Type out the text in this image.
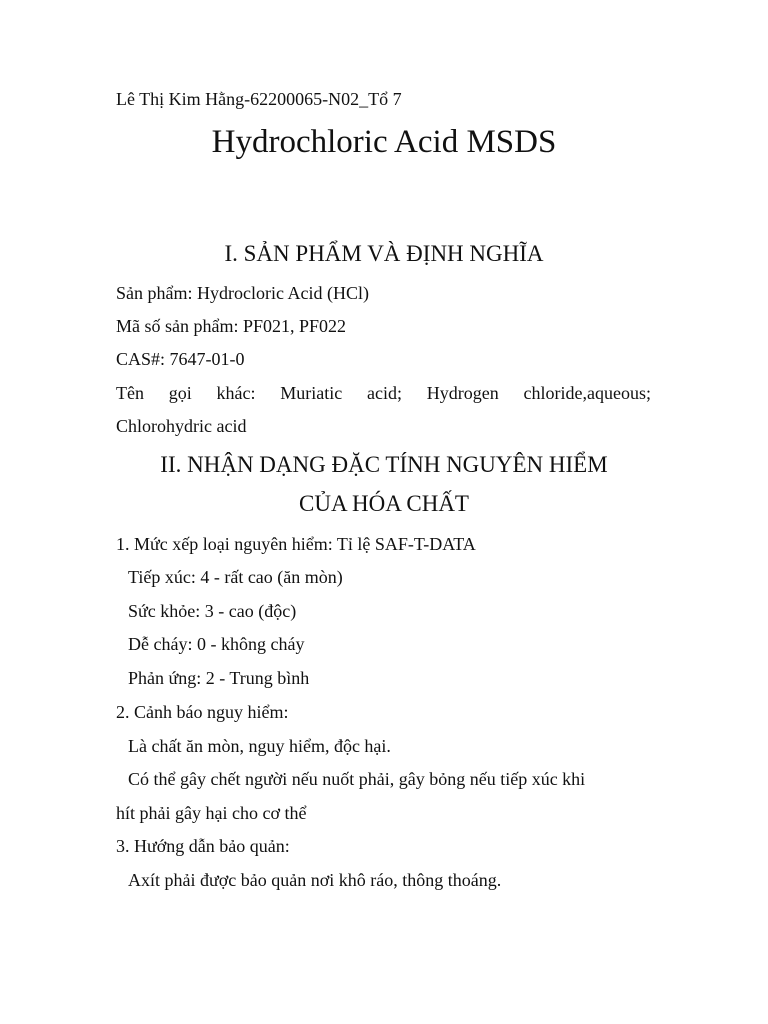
Lê Thị Kim Hằng-62200065-N02_Tổ 7
Hydrochloric Acid MSDS
I. SẢN PHẨM VÀ ĐỊNH NGHĨA
Sản phẩm: Hydrocloric Acid (HCl)
Mã số sản phẩm: PF021, PF022
CAS#: 7647-01-0
Tên gọi khác: Muriatic acid; Hydrogen chloride,aqueous;
Chlorohydric acid
II. NHẬN DẠNG ĐẶC TÍNH NGUYÊN HIỂM
CỦA HÓA CHẤT
1. Mức xếp loại nguyên hiểm: Tỉ lệ SAF-T-DATA
Tiếp xúc: 4 - rất cao (ăn mòn)
Sức khỏe: 3 - cao (độc)
Dễ cháy: 0 - không cháy
Phản ứng: 2 - Trung bình
2. Cảnh báo nguy hiểm:
Là chất ăn mòn, nguy hiểm, độc hại.
Có thể gây chết người nếu nuốt phải, gây bỏng nếu tiếp xúc khi
hít phải gây hại cho cơ thể
3. Hướng dẫn bảo quản:
Axít phải được bảo quản nơi khô ráo, thông thoáng.
